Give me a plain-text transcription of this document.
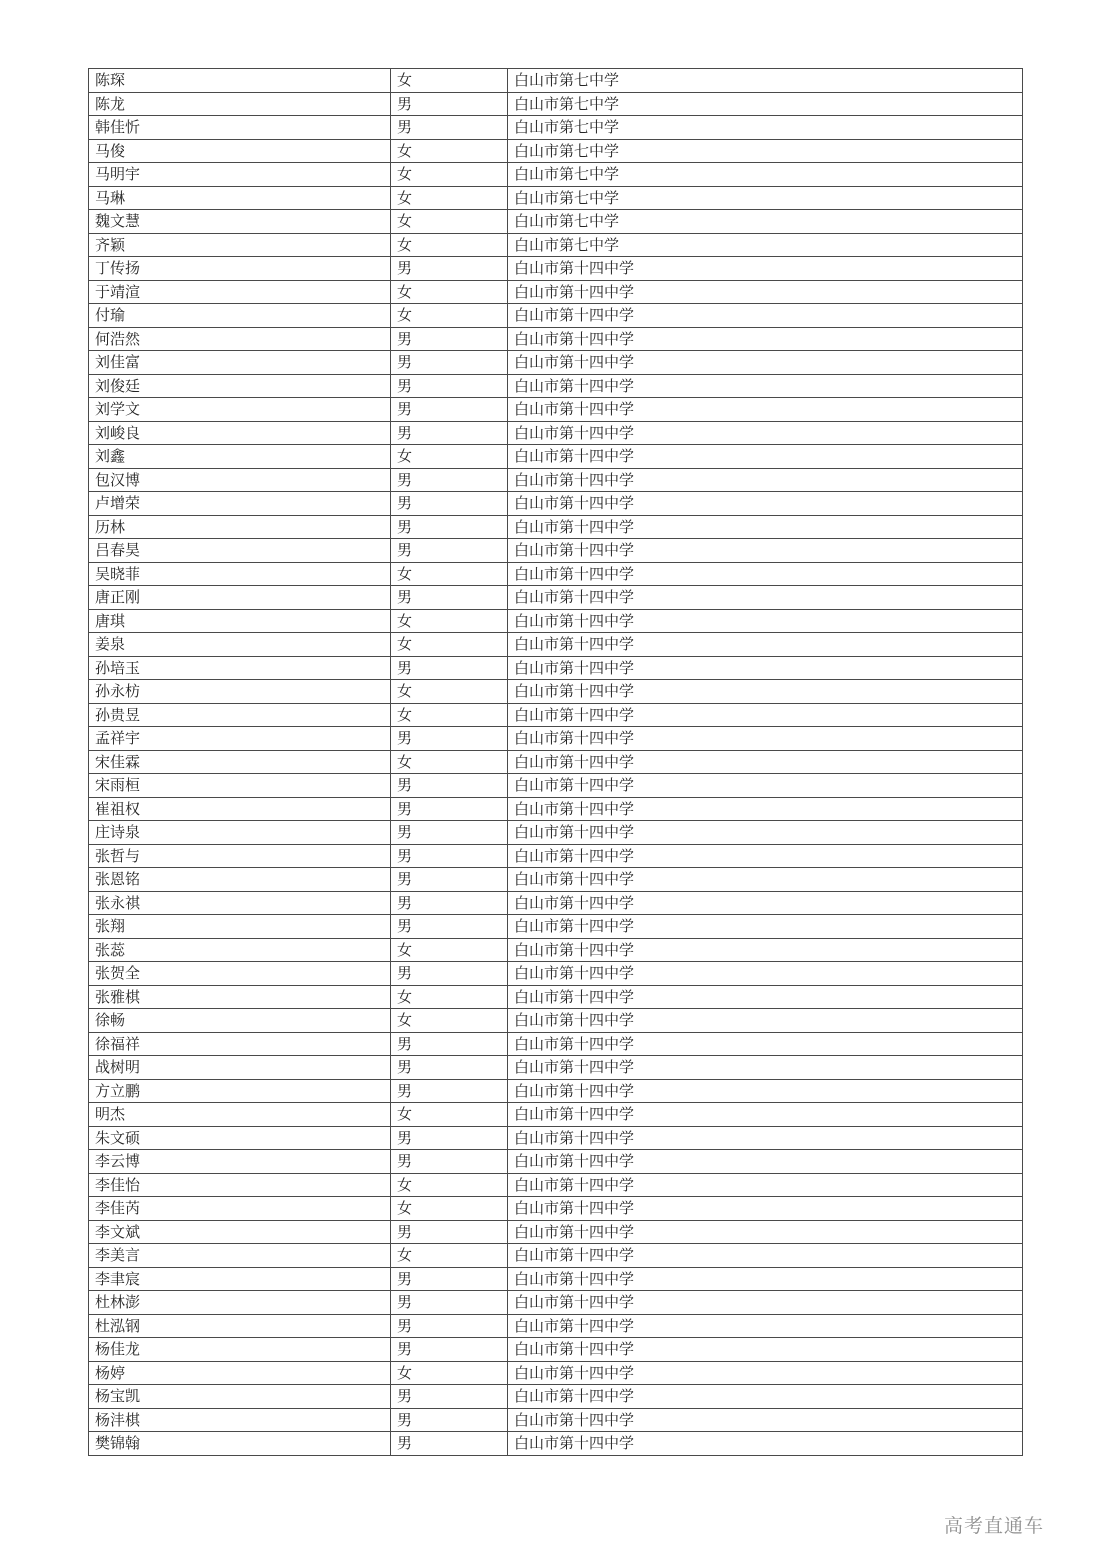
陈琛	女	白山市第七中学
陈龙	男	白山市第七中学
韩佳忻	男	白山市第七中学
马俊	女	白山市第七中学
马明宇	女	白山市第七中学
马琳	女	白山市第七中学
魏文慧	女	白山市第七中学
齐颖	女	白山市第七中学
丁传扬	男	白山市第十四中学
于靖渲	女	白山市第十四中学
付瑜	女	白山市第十四中学
何浩然	男	白山市第十四中学
刘佳富	男	白山市第十四中学
刘俊廷	男	白山市第十四中学
刘学文	男	白山市第十四中学
刘峻良	男	白山市第十四中学
刘鑫	女	白山市第十四中学
包汉博	男	白山市第十四中学
卢增荣	男	白山市第十四中学
历林	男	白山市第十四中学
吕春昊	男	白山市第十四中学
吴晓菲	女	白山市第十四中学
唐正刚	男	白山市第十四中学
唐琪	女	白山市第十四中学
姜泉	女	白山市第十四中学
孙培玉	男	白山市第十四中学
孙永枋	女	白山市第十四中学
孙贵昱	女	白山市第十四中学
孟祥宇	男	白山市第十四中学
宋佳霖	女	白山市第十四中学
宋雨桓	男	白山市第十四中学
崔祖权	男	白山市第十四中学
庄诗泉	男	白山市第十四中学
张哲与	男	白山市第十四中学
张恩铭	男	白山市第十四中学
张永祺	男	白山市第十四中学
张翔	男	白山市第十四中学
张蕊	女	白山市第十四中学
张贺全	男	白山市第十四中学
张雅棋	女	白山市第十四中学
徐畅	女	白山市第十四中学
徐福祥	男	白山市第十四中学
战树明	男	白山市第十四中学
方立鹏	男	白山市第十四中学
明杰	女	白山市第十四中学
朱文硕	男	白山市第十四中学
李云博	男	白山市第十四中学
李佳怡	女	白山市第十四中学
李佳芮	女	白山市第十四中学
李文斌	男	白山市第十四中学
李美言	女	白山市第十四中学
李聿宸	男	白山市第十四中学
杜林澎	男	白山市第十四中学
杜泓钢	男	白山市第十四中学
杨佳龙	男	白山市第十四中学
杨婷	女	白山市第十四中学
杨宝凯	男	白山市第十四中学
杨沣棋	男	白山市第十四中学
樊锦翰	男	白山市第十四中学
高考直通车
